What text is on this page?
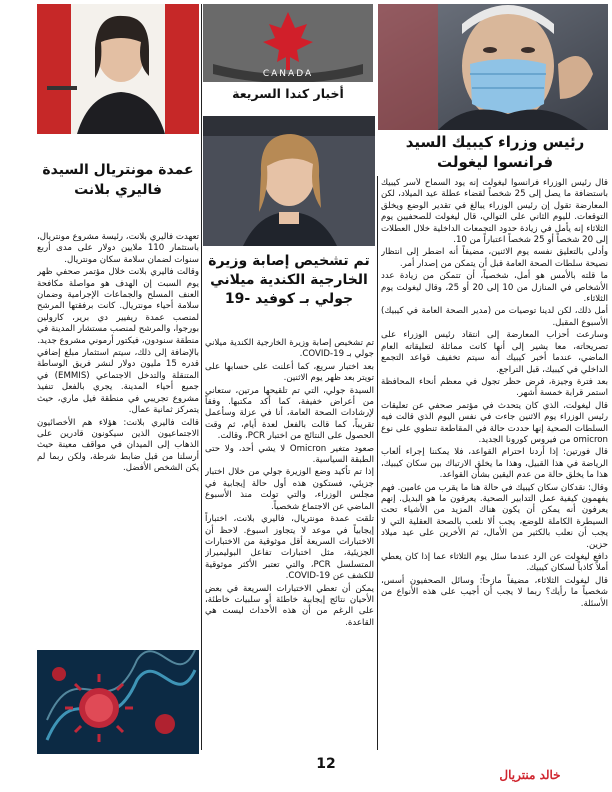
CANADA
أخبار كندا السريعة
رئيس وزراء كيبيك السيد فرانسوا ليغولت
تم تشخيص إصابة وزيرة الخارجية الكندية ميلاني جولي بـ كوفيد -19
عمدة مونتريال السيدة فاليري بلانت	قال رئيس الوزراء فرانسوا ليغولت إنه يود السماح لأسر كيبيك باستضافة ما يصل إلى 25 شخصاً لقضاء عطلة عيد الميلاد، لكن المعارضة تقول إن رئيس الوزراء يبالغ في تقدير الوضع ويخلق التوقعات. لليوم الثاني على التوالي، قال ليغولت للصحفيين يوم الثلاثاء إنه يأمل في زيادة حدود التجمعات الداخلية خلال العطلات إلى 20 شخصاً أو 25 شخصاً اعتباراً من 10.

وأدلى بالتعليق نفسه يوم الاثنين، مضيفاً أنه اضطر إلى انتظار نصيحة سلطات الصحة العامة قبل أن يتمكن من إصدار أمر.

ما قلته بالأمس هو أمل، شخصياً، أن تتمكن من زيادة عدد الأشخاص في المنازل من 10 إلى 20 أو 25، وقال ليغولت يوم الثلاثاء.

أمل ذلك، لكن لدينا توصيات من (مدير الصحة العامة في كيبيك) الأسبوع المقبل.

وسارعت أحزاب المعارضة إلى انتقاد رئيس الوزراء على تصريحاته، معا يشير إلى أنها كانت مماثلة لتعليقاته العام الماضي، عندما أخبر كيبيك أنه سيتم تخفيف قواعد التجمع الداخلي في كيبيك، قبل التراجع.

بعد فترة وجيزة، فرض حظر تجول في معظم أنحاء المحافظة استمر قرابة خمسة أشهر.

قال ليغولت، الذي كان يتحدث في مؤتمر صحفي عن تعليقات رئيس الوزراء يوم الاثنين جاءت في نفس اليوم الذي قالت فيه السلطات الصحية إنها حددت حالة في المقاطعة تنطوي على نوع omicron من فيروس كورونا الجديد.

قال فورتين: إذا أردنا احترام القواعد، فلا يمكننا إجراء ألعاب الرياضة في هذا القبيل، وهذا ما يخلق الارتباك بين سكان كيبيك، هذا ما يخلق حالة من عدم اليقين بشأن القواعد.

وقال: نقدكان سكان كيبيك في حالة هنا ما يقرب من عامين. فهم يفهمون كيفية عمل التدابير الصحية. يعرفون ما هو البديل. إنهم يعرفون أنه يمكن أن يكون هناك المزيد من الأشياء تحت السيطرة الكاملة للوضع، يجب ألا نلعب بالصحة العقلية التي لا يجب أن نعلب بالكثير من الأمال، ثم الأخرين على عيد ميلاد حزين.

دافع ليغولت عن الرد عندما سئل يوم الثلاثاء عما إذا كان يعطي أملاً كاذباً لسكان كيبيك.

قال ليغولت الثلاثاء، مضيفاً مازحاً: وسائل الصحفيون أسس، شخصياً ما رأيك؟ ربما لا يجب أن أجيب على هذه الأنواع من الأسئلة.

تم تشخيص إصابة وزيرة الخارجية الكندية ميلاني جولي بـ COVID-19.

بعد اختبار سريع، كما أعلنت على حسابها على تويتر بعد ظهر يوم الاثنين.

السيدة جولي، التي تم تلقيحها مرتين، ستعاني من أعراض خفيفة، كما أكد مكتبها. وفقاً لإرشادات الصحة العامة، أنا في عزلة وسأعمل تقريباً، كما قالت بالفعل لعدة أيام، ثم وقت الحصول على النتائج من اختبار PCR، وقالت.

صعود متغير Omicron لا يشي أحد، ولا حتى الطبقة السياسية.

إذا تم تأكيد وضع الوزيرة جولي من خلال اختبار جزيئي، فستكون هذه أول حالة إيجابية في مجلس الوزراء، والتي تولت منذ الأسبوع الماضي عن الاجتماع شخصياً.

تلقت عمدة مونتريال، فاليري بلانت، اختباراً إيجابياً في موعد لا يتجاوز اسبوع. لاحظ أن الاختبارات السريعة أقل موثوقية من الاختبارات الجزيئية، مثل اختبارات تفاعل البوليميراز المتسلسل PCR، والتي تعتبر الأكثر موثوقية للكشف عن COVID-19.

يمكن أن تعطي الاختبارات السريعة في بعض الأحيان نتائج إيجابية خاطئة أو سلبيات خاطئة، على الرغم من أن هذه الأحداث ليست هي القاعدة.

تعهدت فاليري بلانت، رئيسة مشروع مونتريال، باستثمار 110 ملايين دولار على مدى أربع سنوات لضمان سلامة سكان مونتريال.

وقالت فاليري بلانت خلال مؤتمر صحفي ظهر يوم السبت إن الهدف هو مواصلة مكافحة العنف المسلح والجماعات الإجرامية وضمان سلامة أحياء مونتريال. كانت برفقتها المرشح لمنصب عمدة ريفيير دي برير، كارولين بورجوا، والمرشح لمنصب مستشار المدينة في منطقة سنودون، فيكتور أرموني مشروع جديد.

بالإضافة إلى ذلك، سيتم استثمار مبلغ إضافي قدره 15 مليون دولار لنشر فريق الوساطة المتنقلة والتدخل الاجتماعي (EMMIS) في جميع أحياء المدينة. يجري بالفعل تنفيذ مشروع تجريبي في منطقة فيل ماري، حيث يتمركز ثمانية عمال.

قالت فاليري بلانت: هؤلاء هم الأخصائيون الاجتماعيون الذين سيكونون قادرين على الذهاب إلى الميدان في مواقف معينة حيث أرسلنا من قبل ضابط شرطة، ولكن ربما لم يكن الشخص الأفضل.

12
خالد منتريال
